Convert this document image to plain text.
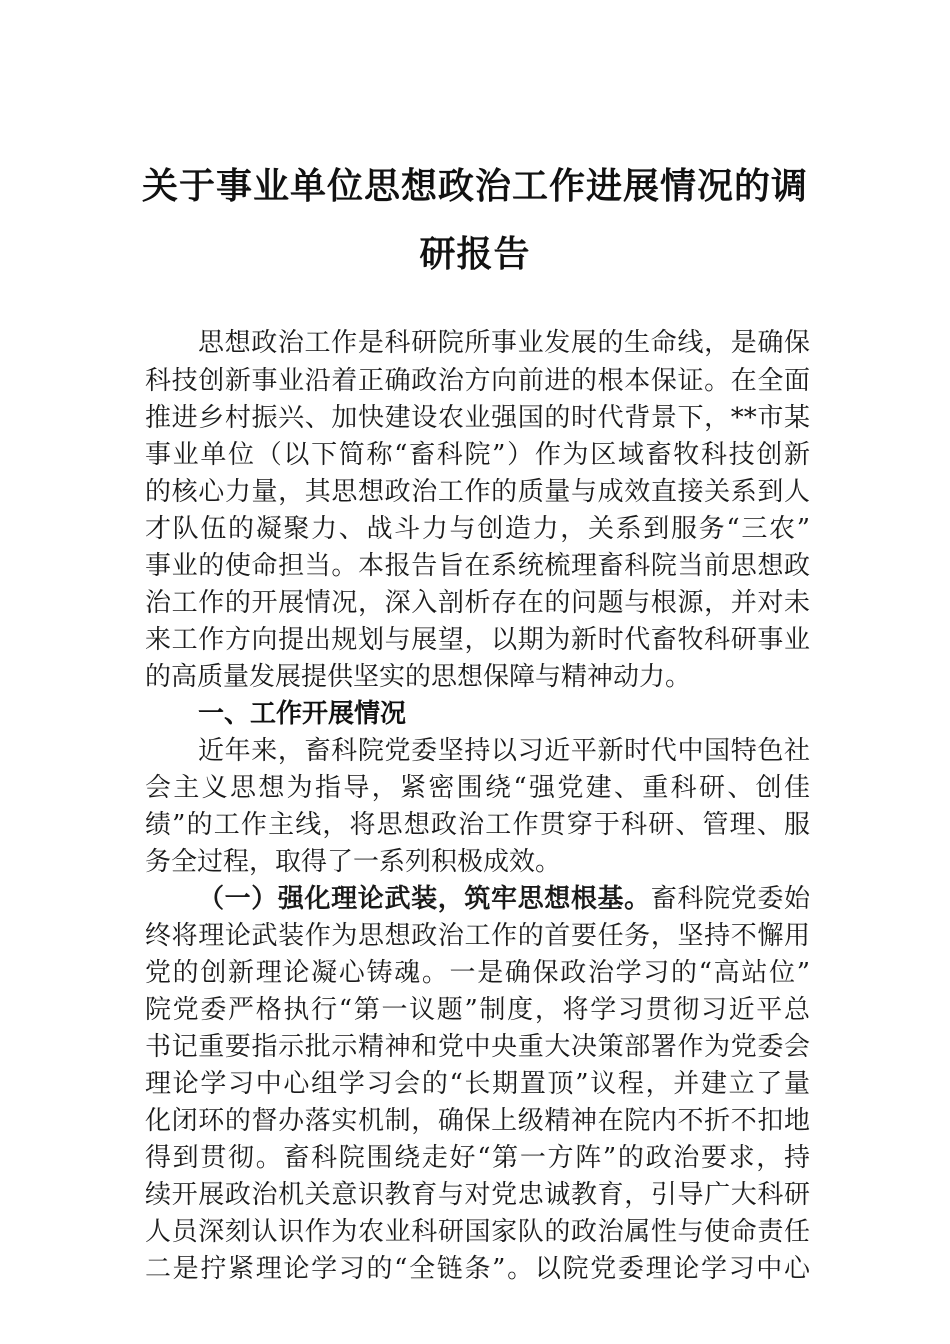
关于事业单位思想政治工作进展情况的调
研报告
思想政治工作是科研院所事业发展的生命线，是确保
科技创新事业沿着正确政治方向前进的根本保证。在全面
推进乡村振兴、加快建设农业强国的时代背景下，**市某
事业单位（以下简称“畜科院”）作为区域畜牧科技创新
的核心力量，其思想政治工作的质量与成效直接关系到人
才队伍的凝聚力、战斗力与创造力，关系到服务“三农”
事业的使命担当。本报告旨在系统梳理畜科院当前思想政
治工作的开展情况，深入剖析存在的问题与根源，并对未
来工作方向提出规划与展望，以期为新时代畜牧科研事业
的高质量发展提供坚实的思想保障与精神动力。
一、工作开展情况
近年来，畜科院党委坚持以习近平新时代中国特色社
会主义思想为指导，紧密围绕“强党建、重科研、创佳
绩”的工作主线，将思想政治工作贯穿于科研、管理、服
务全过程，取得了一系列积极成效。
（一）强化理论武装，筑牢思想根基。畜科院党委始
终将理论武装作为思想政治工作的首要任务，坚持不懈用
党的创新理论凝心铸魂。一是确保政治学习的“高站位”
院党委严格执行“第一议题”制度，将学习贯彻习近平总
书记重要指示批示精神和党中央重大决策部署作为党委会
理论学习中心组学习会的“长期置顶”议程，并建立了量
化闭环的督办落实机制，确保上级精神在院内不折不扣地
得到贯彻。畜科院围绕走好“第一方阵”的政治要求，持
续开展政治机关意识教育与对党忠诚教育，引导广大科研
人员深刻认识作为农业科研国家队的政治属性与使命责任
二是拧紧理论学习的“全链条”。以院党委理论学习中心
